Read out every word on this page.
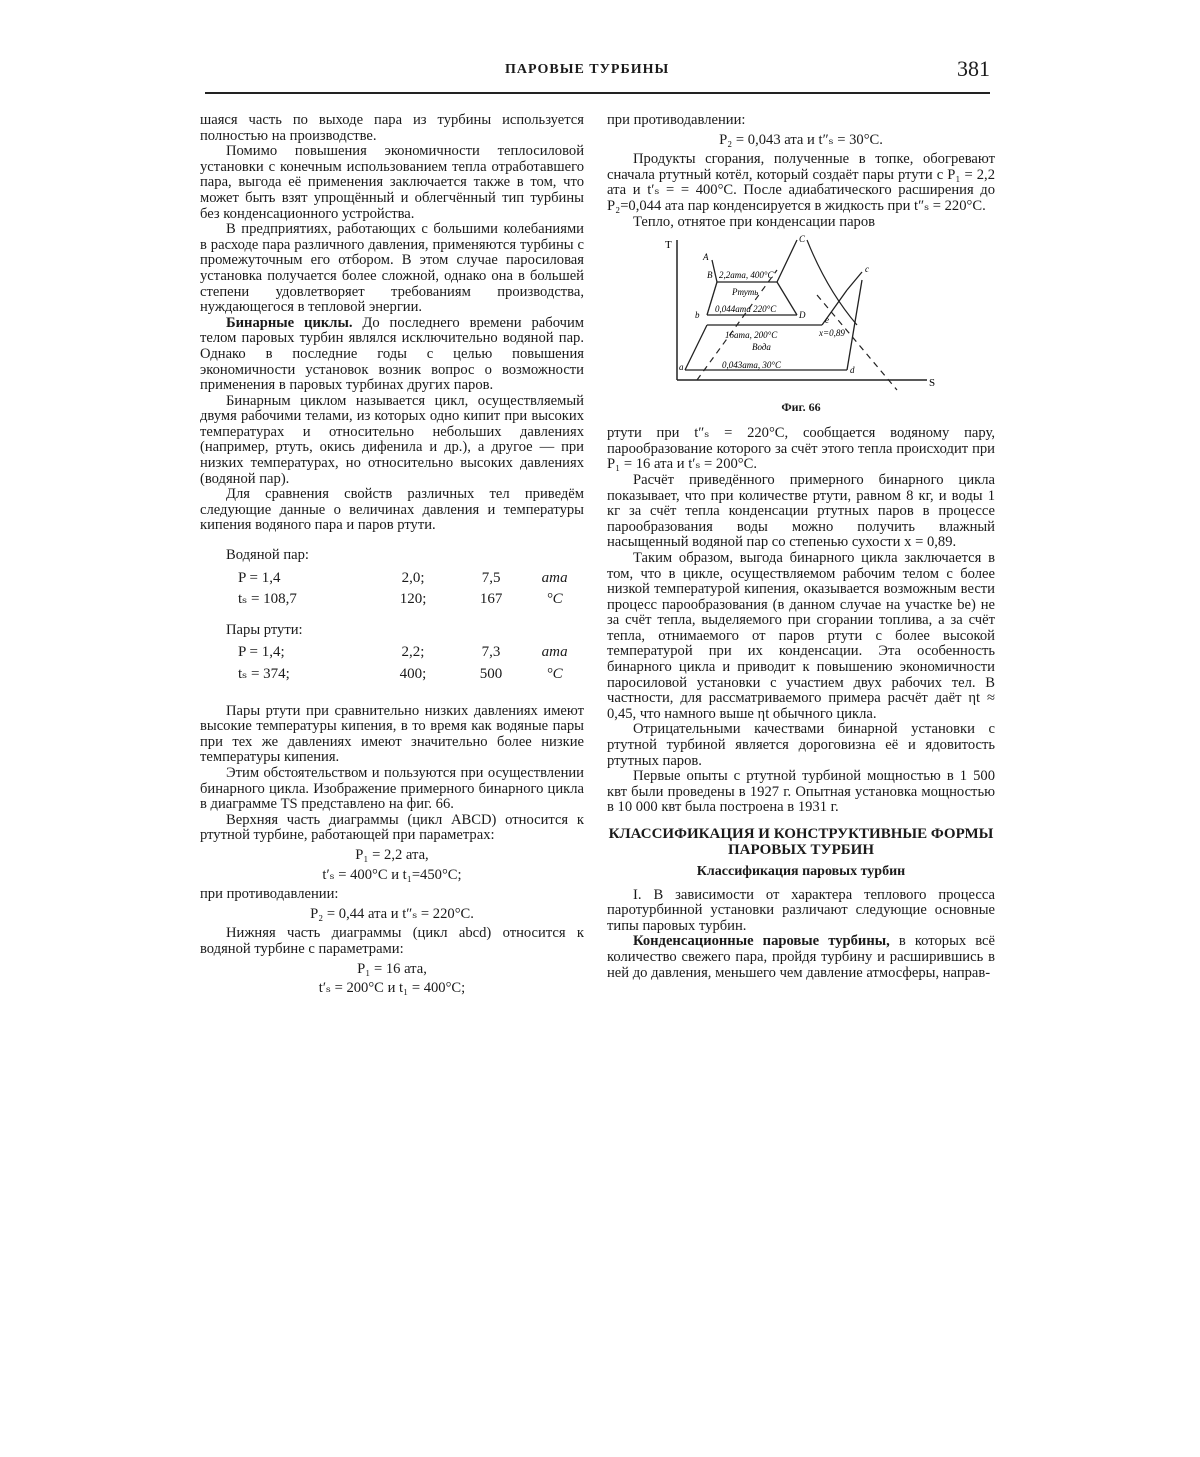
ПАРОВЫЕ ТУРБИНЫ	381

шаяся часть по выходе пара из турбины используется полностью на производстве.

Помимо повышения экономичности теплосиловой установки с конечным использованием тепла отработавшего пара, выгода её применения заключается также в том, что может быть взят упрощённый и облегчённый тип турбины без конденсационного устройства.

В предприятиях, работающих с большими колебаниями в расходе пара различного давления, применяются турбины с промежуточным его отбором. В этом случае паросиловая установка получается более сложной, однако она в большей степени удовлетворяет требованиям производства, нуждающегося в тепловой энергии.

Бинарные циклы. До последнего времени рабочим телом паровых турбин являлся исключительно водяной пар. Однако в последние годы с целью повышения экономичности установок возник вопрос о возможности применения в паровых турбинах других паров.

Бинарным циклом называется цикл, осуществляемый двумя рабочими телами, из которых одно кипит при высоких температурах и относительно небольших давлениях (например, ртуть, окись дифенила и др.), а другое — при низких температурах, но относительно высоких давлениях (водяной пар).

Для сравнения свойств различных тел приведём следующие данные о величинах давления и температуры кипения водяного пара и паров ртути.

Водяной пар:

P = 1,4	2,0;	7,5	ата
tₛ = 108,7	120;	167	°C

Пары ртути:

P = 1,4;	2,2;	7,3	ата
tₛ = 374;	400;	500	°C

Пары ртути при сравнительно низких давлениях имеют высокие температуры кипения, в то время как водяные пары при тех же давлениях имеют значительно более низкие температуры кипения.

Этим обстоятельством и пользуются при осуществлении бинарного цикла. Изображение примерного бинарного цикла в диаграмме TS представлено на фиг. 66.

Верхняя часть диаграммы (цикл ABCD) относится к ртутной турбине, работающей при параметрах:

P₁ = 2,2 ата,

t′ₛ = 400°C и t₁=450°C;

при противодавлении:

P₂ = 0,44 ата и t″ₛ = 220°C.

Нижняя часть диаграммы (цикл abcd) относится к водяной турбине с параметрами:

P₁ = 16 ата,

t′ₛ = 200°C и t₁ = 400°C;

при противодавлении:

P₂ = 0,043 ата и t″ₛ = 30°C.

Продукты сгорания, полученные в топке, обогревают сначала ртутный котёл, который создаёт пары ртути с P₁ = 2,2 ата и t′ₛ = = 400°C. После адиабатического расширения до P₂=0,044 ата пар конденсируется в жидкость при t″ₛ = 220°C.

Тепло, отнятое при конденсации паров

T
S
2,2ата, 400°C
Ртуть
0,044ата 220°C
16ата, 200°C
Вода
0,043ата, 30°C
x=0,89
A
B
C
D
a
b
c
d
e
Фиг. 66

ртути при t″ₛ = 220°C, сообщается водяному пару, парообразование которого за счёт этого тепла происходит при P₁ = 16 ата и t′ₛ = 200°C.

Расчёт приведённого примерного бинарного цикла показывает, что при количестве ртути, равном 8 кг, и воды 1 кг за счёт тепла конденсации ртутных паров в процессе парообразования воды можно получить влажный насыщенный водяной пар со степенью сухости x = 0,89.

Таким образом, выгода бинарного цикла заключается в том, что в цикле, осуществляемом рабочим телом с более низкой температурой кипения, оказывается возможным вести процесс парообразования (в данном случае на участке be) не за счёт тепла, выделяемого при сгорании топлива, а за счёт тепла, отнимаемого от паров ртути с более высокой температурой при их конденсации. Эта особенность бинарного цикла и приводит к повышению экономичности паросиловой установки с участием двух рабочих тел. В частности, для рассматриваемого примера расчёт даёт ηt ≈ 0,45, что намного выше ηt обычного цикла.

Отрицательными качествами бинарной установки с ртутной турбиной является дороговизна её и ядовитость ртутных паров.

Первые опыты с ртутной турбиной мощностью в 1 500 квт были проведены в 1927 г. Опытная установка мощностью в 10 000 квт была построена в 1931 г.

КЛАССИФИКАЦИЯ И КОНСТРУКТИВНЫЕ ФОРМЫ ПАРОВЫХ ТУРБИН
Классификация паровых турбин

I. В зависимости от характера теплового процесса паротурбинной установки различают следующие основные типы паровых турбин.

Конденсационные паровые турбины, в которых всё количество свежего пара, пройдя турбину и расширившись в ней до давления, меньшего чем давление атмосферы, направ-
